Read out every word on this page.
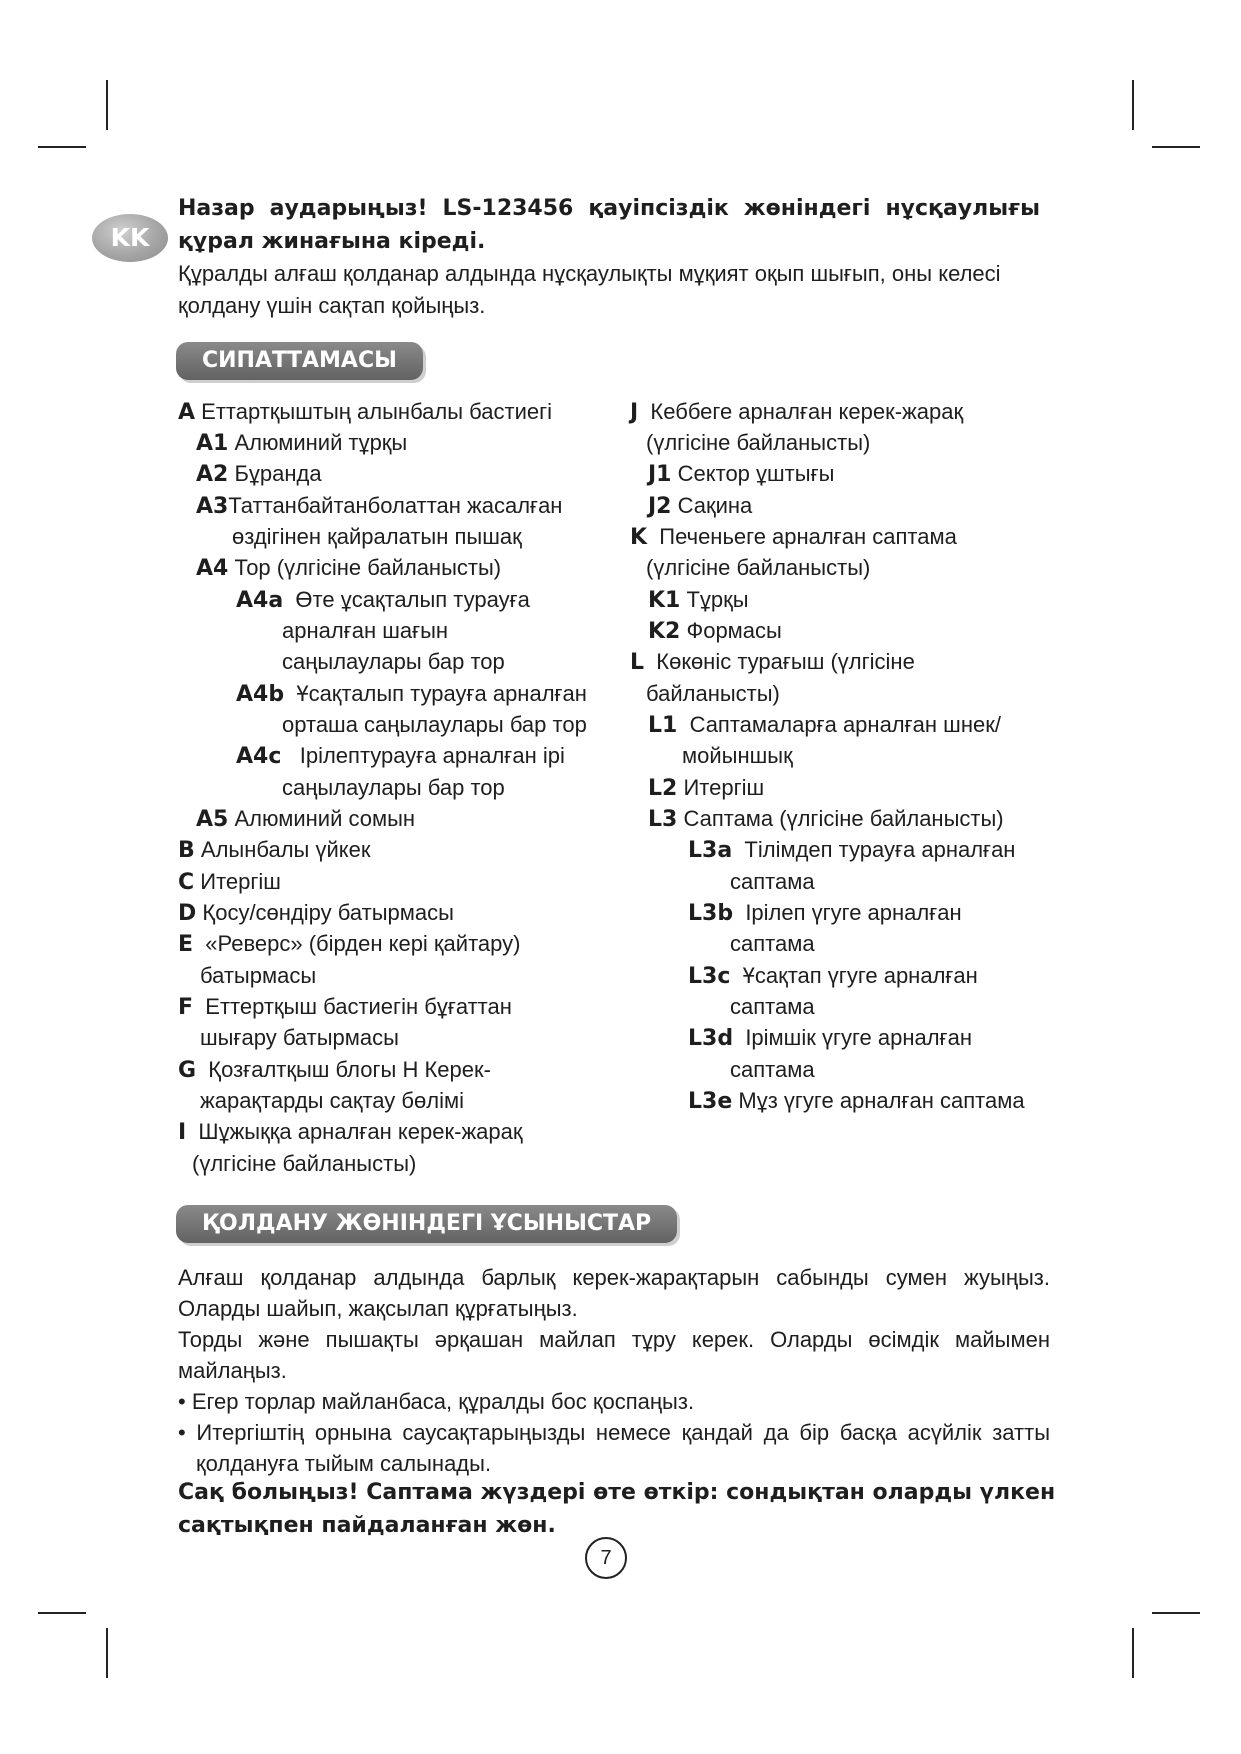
KK
Назар аударыңыз! LS-123456 қауіпсіздік жөніндегі нұсқаулығы құрал жинағына кіреді.
Құралды алғаш қолданар алдында нұсқаулықты мұқият оқып шығып, оны келесі қолдану үшін сақтап қойыңыз.
СИПАТТАМАСЫ
A Еттартқыштың алынбалы бастиегі
A1 Алюминий тұрқы
A2 Бұранда
A3Таттанбайтанболаттан жасалған
өздігінен қайралатын пышақ
A4 Тор (үлгісіне байланысты)
A4a Өте ұсақталып турауға
арналған шағын
саңылаулары бар тор
A4b Ұсақталып турауға арналған
орташа саңылаулары бар тор
A4c Ірілептурауға арналған ірі
саңылаулары бар тор
A5 Алюминий сомын
B Алынбалы үйкек
C Итергіш
D Қосу/сөндіру батырмасы
E «Реверс» (бірден кері қайтару)
батырмасы
F Еттертқыш бастиегін бұғаттан
шығару батырмасы
G Қозғалтқыш блогы H Керек-
жарақтарды сақтау бөлімі
I Шұжыққа арналған керек-жарақ
(үлгісіне байланысты)
J Кеббеге арналған керек-жарақ
(үлгісіне байланысты)
J1 Сектор ұштығы
J2 Сақина
K Печеньеге арналған саптама
(үлгісіне байланысты)
K1 Тұрқы
K2 Формасы
L Көкөніс турағыш (үлгісіне
байланысты)
L1 Саптамаларға арналған шнек/
мойыншық
L2 Итергіш
L3 Саптама (үлгісіне байланысты)
L3a Тілімдеп турауға арналған
саптама
L3b Ірілеп үгуге арналған
саптама
L3c Ұсақтап үгуге арналған
саптама
L3d Ірімшік үгуге арналған
саптама
L3e Мұз үгуге арналған саптама
ҚОЛДАНУ ЖӨНІНДЕГІ ҰСЫНЫСТАР

Алғаш қолданар алдында барлық керек-жарақтарын сабынды сумен жуыңыз. Оларды шайып, жақсылап құрғатыңыз.

Торды және пышақты әрқашан майлап тұру керек. Оларды өсімдік майымен майлаңыз.

• Егер торлар майланбаса, құралды бос қоспаңыз.

• Итергіштің орнына саусақтарыңызды немесе қандай да бір басқа асүйлік затты қолдануға тыйым салынады.

Сақ болыңыз! Саптама жүздері өте өткір: сондықтан оларды үлкен сақтықпен пайдаланған жөн.
7
